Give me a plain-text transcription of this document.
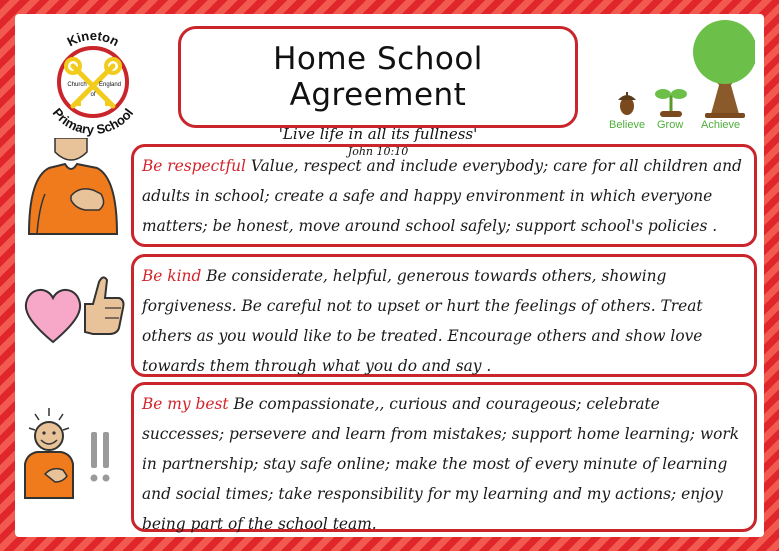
Kineton
Primary School
Church England
of
Home School Agreement
'Live life in all its fullness'
John 10:10
Believe Grow Achieve
Be respectful Value, respect and include everybody; care for all children and adults in school; create a safe and happy environment in which everyone matters; be honest, move around school safely; support school's policies .
Be kind Be considerate, helpful, generous towards others, showing forgiveness. Be careful not to upset or hurt the feelings of others. Treat others as you would like to be treated. Encourage others and show love towards them through what you do and say .
Be my best Be compassionate,, curious and courageous; celebrate successes; persevere and learn from mistakes; support home learning; work in partnership; stay safe online; make the most of every minute of learning and social times; take responsibility for my learning and my actions; enjoy being part of the school team.
